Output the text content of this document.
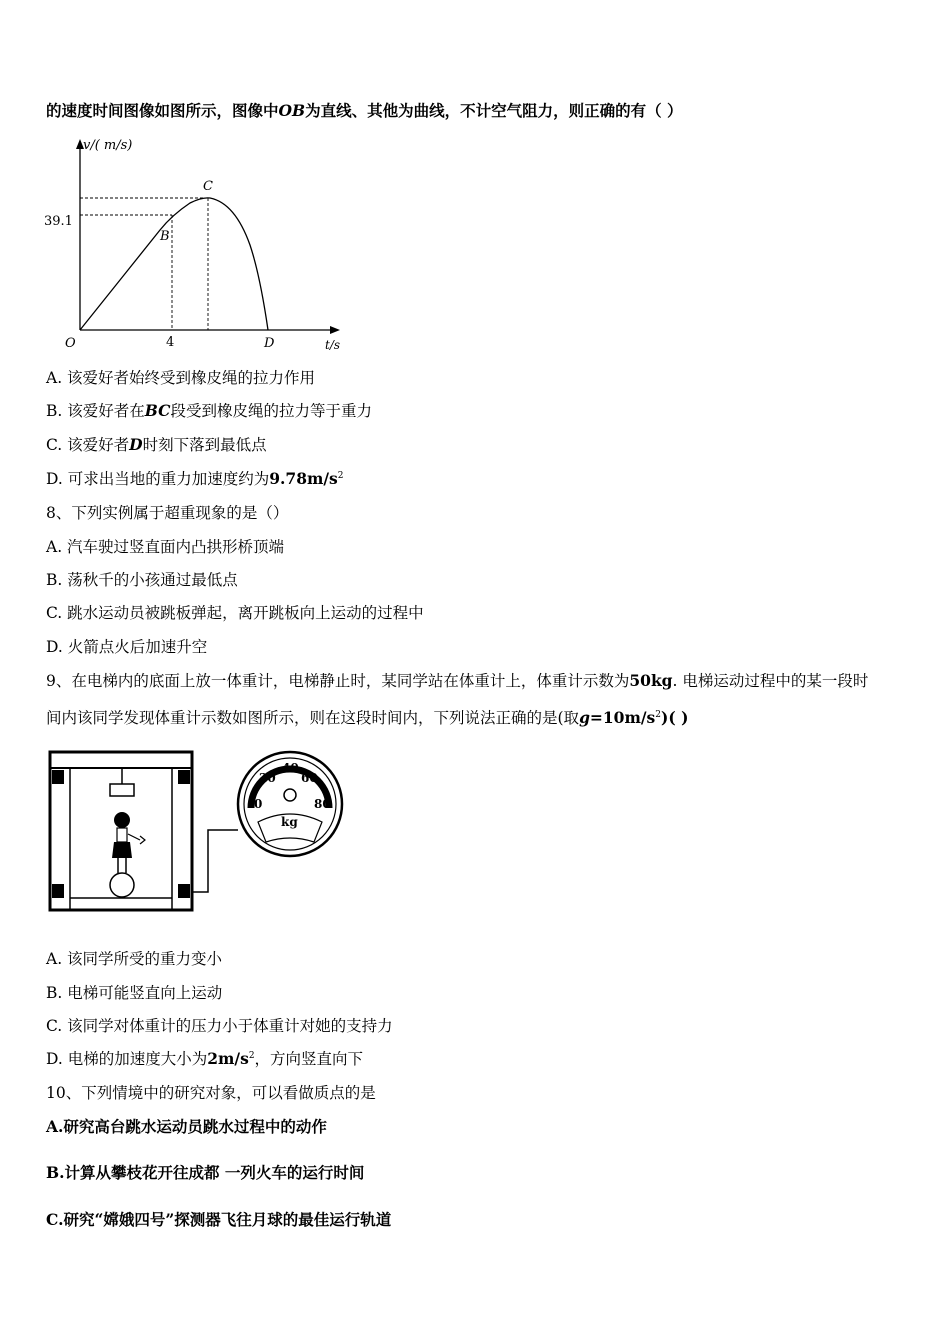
的速度时间图像如图所示，图像中OB为直线、其他为曲线，不计空气阻力，则正确的有（ ）
v/( m/s)
t/s
O
39.1
4
B
C
D
A. 该爱好者始终受到橡皮绳的拉力作用
B. 该爱好者在BC段受到橡皮绳的拉力等于重力
C. 该爱好者D时刻下落到最低点
D. 可求出当地的重力加速度约为$9.78m/s^2$
8、下列实例属于超重现象的是（）
A. 汽车驶过竖直面内凸拱形桥顶端
B. 荡秋千的小孩通过最低点
C. 跳水运动员被跳板弹起，离开跳板向上运动的过程中
D. 火箭点火后加速升空
9、在电梯内的底面上放一体重计，电梯静止时，某同学站在体重计上，体重计示数为50kg. 电梯运动过程中的某一段时
间内该同学发现体重计示数如图所示，则在这段时间内，下列说法正确的是(取$g=10m/s^2$)( )
0
20
40
60
80
kg
A. 该同学所受的重力变小
B. 电梯可能竖直向上运动
C. 该同学对体重计的压力小于体重计对她的支持力
D. 电梯的加速度大小为$2m/s^2$，方向竖直向下
10、下列情境中的研究对象，可以看做质点的是
A.研究高台跳水运动员跳水过程中的动作
B.计算从攀枝花开往成都 一列火车的运行时间
C.研究“嫦娥四号”探测器飞往月球的最佳运行轨道
